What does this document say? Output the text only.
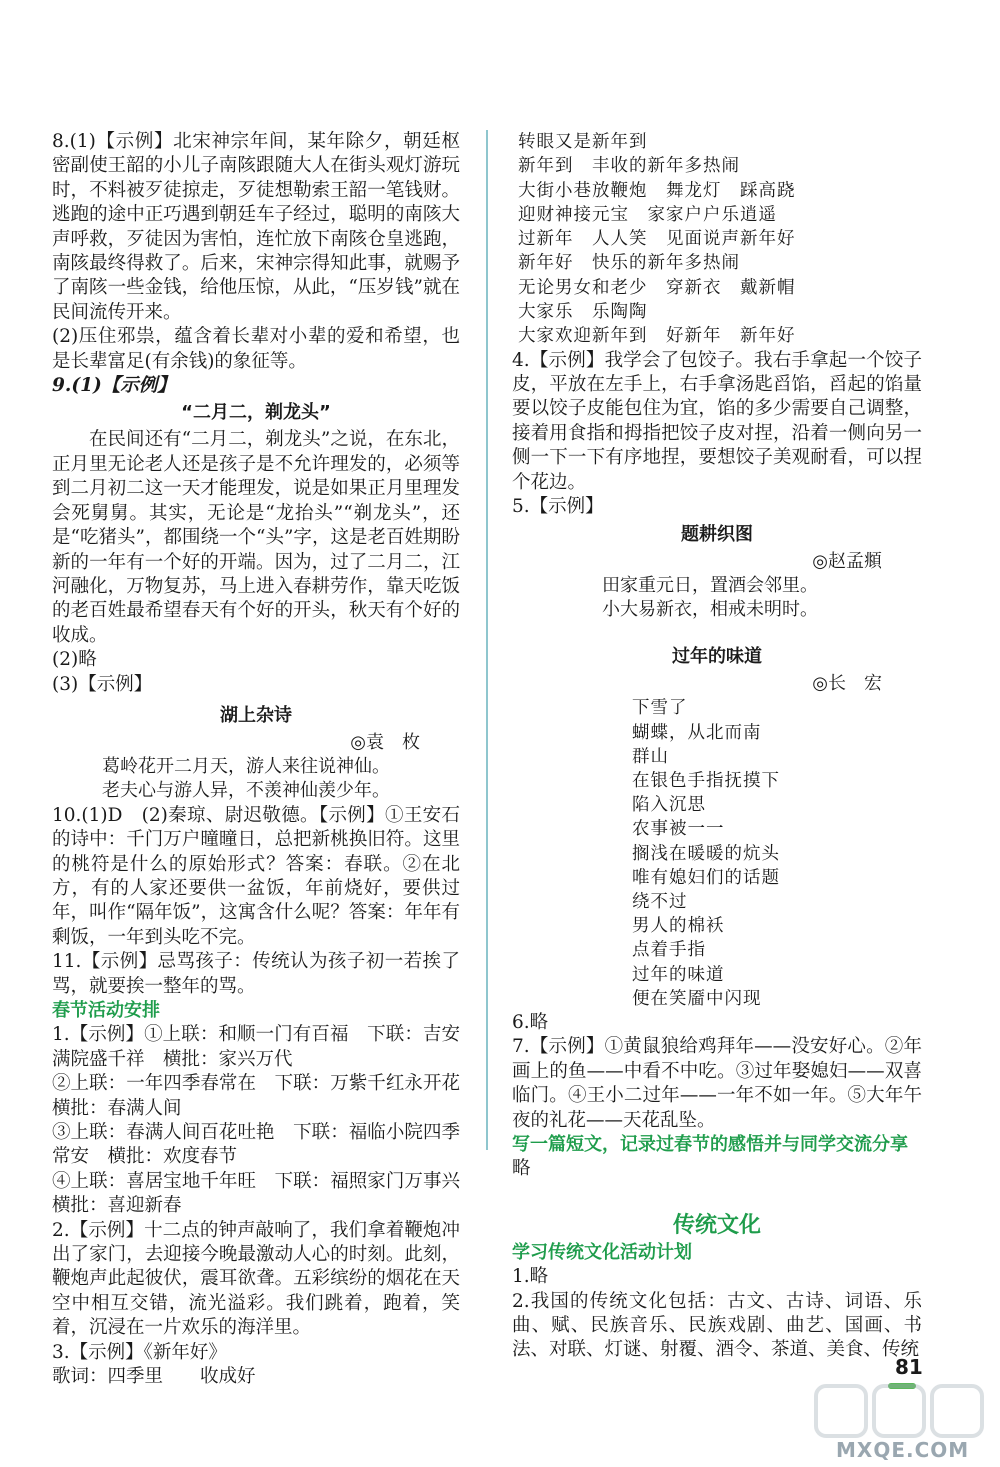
8.(1)【示例】北宋神宗年间，某年除夕，朝廷枢密副使王韶的小儿子南陔跟随大人在街头观灯游玩时，不料被歹徒掠走，歹徒想勒索王韶一笔钱财。逃跑的途中正巧遇到朝廷车子经过，聪明的南陔大声呼救，歹徒因为害怕，连忙放下南陔仓皇逃跑，南陔最终得救了。后来，宋神宗得知此事，就赐予了南陔一些金钱，给他压惊，从此，“压岁钱”就在民间流传开来。

(2)压住邪祟，蕴含着长辈对小辈的爱和希望，也是长辈富足(有余钱)的象征等。

9.(1)【示例】

“二月二，剃龙头”

在民间还有“二月二，剃龙头”之说，在东北，正月里无论老人还是孩子是不允许理发的，必须等到二月初二这一天才能理发，说是如果正月里理发会死舅舅。其实，无论是“龙抬头”“剃龙头”，还是“吃猪头”，都围绕一个“头”字，这是老百姓期盼新的一年有一个好的开端。因为，过了二月二，江河融化，万物复苏，马上进入春耕劳作，靠天吃饭的老百姓最希望春天有个好的开头，秋天有个好的收成。

(2)略

(3)【示例】

湖上杂诗

◎袁　枚

葛岭花开二月天，游人来往说神仙。

老夫心与游人异，不羡神仙羡少年。

10.(1)D　(2)秦琼、尉迟敬德。【示例】①王安石的诗中：千门万户曈曈日，总把新桃换旧符。这里的桃符是什么的原始形式？答案：春联。②在北方，有的人家还要供一盆饭，年前烧好，要供过年，叫作“隔年饭”，这寓含什么呢？答案：年年有剩饭，一年到头吃不完。

11.【示例】忌骂孩子：传统认为孩子初一若挨了骂，就要挨一整年的骂。

春节活动安排

1.【示例】①上联：和顺一门有百福　下联：吉安满院盛千祥　横批：家兴万代

②上联：一年四季春常在　下联：万紫千红永开花　横批：春满人间

③上联：春满人间百花吐艳　下联：福临小院四季常安　横批：欢度春节

④上联：喜居宝地千年旺　下联：福照家门万事兴　横批：喜迎新春

2.【示例】十二点的钟声敲响了，我们拿着鞭炮冲出了家门，去迎接今晚最激动人心的时刻。此刻，鞭炮声此起彼伏，震耳欲聋。五彩缤纷的烟花在天空中相互交错，流光溢彩。我们跳着，跑着，笑着，沉浸在一片欢乐的海洋里。

3.【示例】《新年好》

歌词：四季里　　收成好

转眼又是新年到

新年到　丰收的新年多热闹

大街小巷放鞭炮　舞龙灯　踩高跷

迎财神接元宝　家家户户乐逍遥

过新年　人人笑　见面说声新年好

新年好　快乐的新年多热闹

无论男女和老少　穿新衣　戴新帽

大家乐　乐陶陶

大家欢迎新年到　好新年　新年好

4.【示例】我学会了包饺子。我右手拿起一个饺子皮，平放在左手上，右手拿汤匙舀馅，舀起的馅量要以饺子皮能包住为宜，馅的多少需要自己调整，接着用食指和拇指把饺子皮对捏，沿着一侧向另一侧一下一下有序地捏，要想饺子美观耐看，可以捏个花边。

5.【示例】

题耕织图

◎赵孟頫

田家重元日，置酒会邻里。

小大易新衣，相戒未明时。

过年的味道

◎长　宏

下雪了

蝴蝶，从北而南

群山

在银色手指抚摸下

陷入沉思

农事被一一

搁浅在暖暖的炕头

唯有媳妇们的话题

绕不过

男人的棉袄

点着手指

过年的味道

便在笑靥中闪现

6.略

7.【示例】①黄鼠狼给鸡拜年——没安好心。②年画上的鱼——中看不中吃。③过年娶媳妇——双喜临门。④王小二过年——一年不如一年。⑤大年午夜的礼花——天花乱坠。

写一篇短文，记录过春节的感悟并与同学交流分享

略

传统文化

学习传统文化活动计划

1.略

2.我国的传统文化包括：古文、古诗、词语、乐曲、赋、民族音乐、民族戏剧、曲艺、国画、书法、对联、灯谜、射覆、酒令、茶道、美食、传统

81
MXQE.COM
